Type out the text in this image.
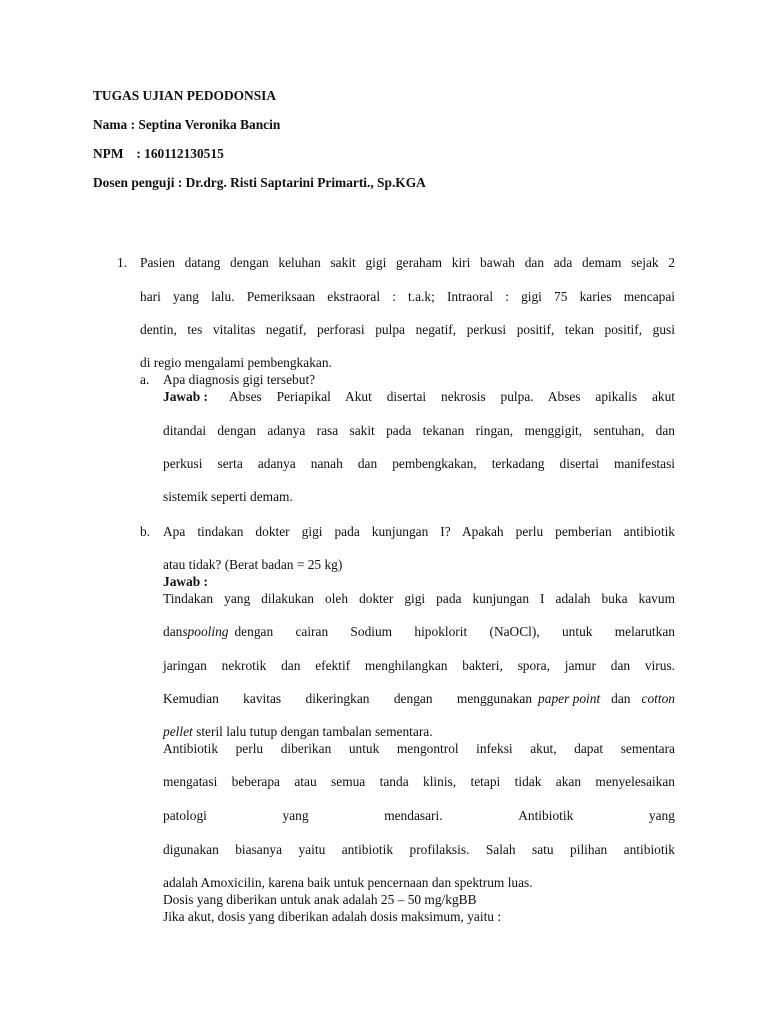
TUGAS UJIAN PEDODONSIA
Nama : Septina Veronika Bancin
NPM : 160112130515
Dosen penguji : Dr.drg. Risti Saptarini Primarti., Sp.KGA
1. Pasien datang dengan keluhan sakit gigi geraham kiri bawah dan ada demam sejak 2
hari yang lalu. Pemeriksaan ekstraoral : t.a.k; Intraoral : gigi 75 karies mencapai
dentin, tes vitalitas negatif, perforasi pulpa negatif, perkusi positif, tekan positif, gusi
di regio mengalami pembengkakan.
a. Apa diagnosis gigi tersebut?
Jawab : Abses Periapikal Akut disertai nekrosis pulpa. Abses apikalis akut
ditandai dengan adanya rasa sakit pada tekanan ringan, menggigit, sentuhan, dan
perkusi serta adanya nanah dan pembengkakan, terkadang disertai manifestasi
sistemik seperti demam.
b. Apa tindakan dokter gigi pada kunjungan I? Apakah perlu pemberian antibiotik
atau tidak? (Berat badan = 25 kg)
Jawab :
Tindakan yang dilakukan oleh dokter gigi pada kunjungan I adalah buka kavum
dan spooling dengan cairan Sodium hipoklorit (NaOCl), untuk melarutkan
jaringan nekrotik dan efektif menghilangkan bakteri, spora, jamur dan virus.
Kemudian kavitas dikeringkan dengan menggunakan paper point dan cotton
pellet steril lalu tutup dengan tambalan sementara.
Antibiotik perlu diberikan untuk mengontrol infeksi akut, dapat sementara
mengatasi beberapa atau semua tanda klinis, tetapi tidak akan menyelesaikan
patologi	yang	mendasari.	Antibiotik	yang
digunakan biasanya yaitu antibiotik profilaksis. Salah satu pilihan antibiotik
adalah Amoxicilin, karena baik untuk pencernaan dan spektrum luas.
Dosis yang diberikan untuk anak adalah 25 – 50 mg/kgBB
Jika akut, dosis yang diberikan adalah dosis maksimum, yaitu :
